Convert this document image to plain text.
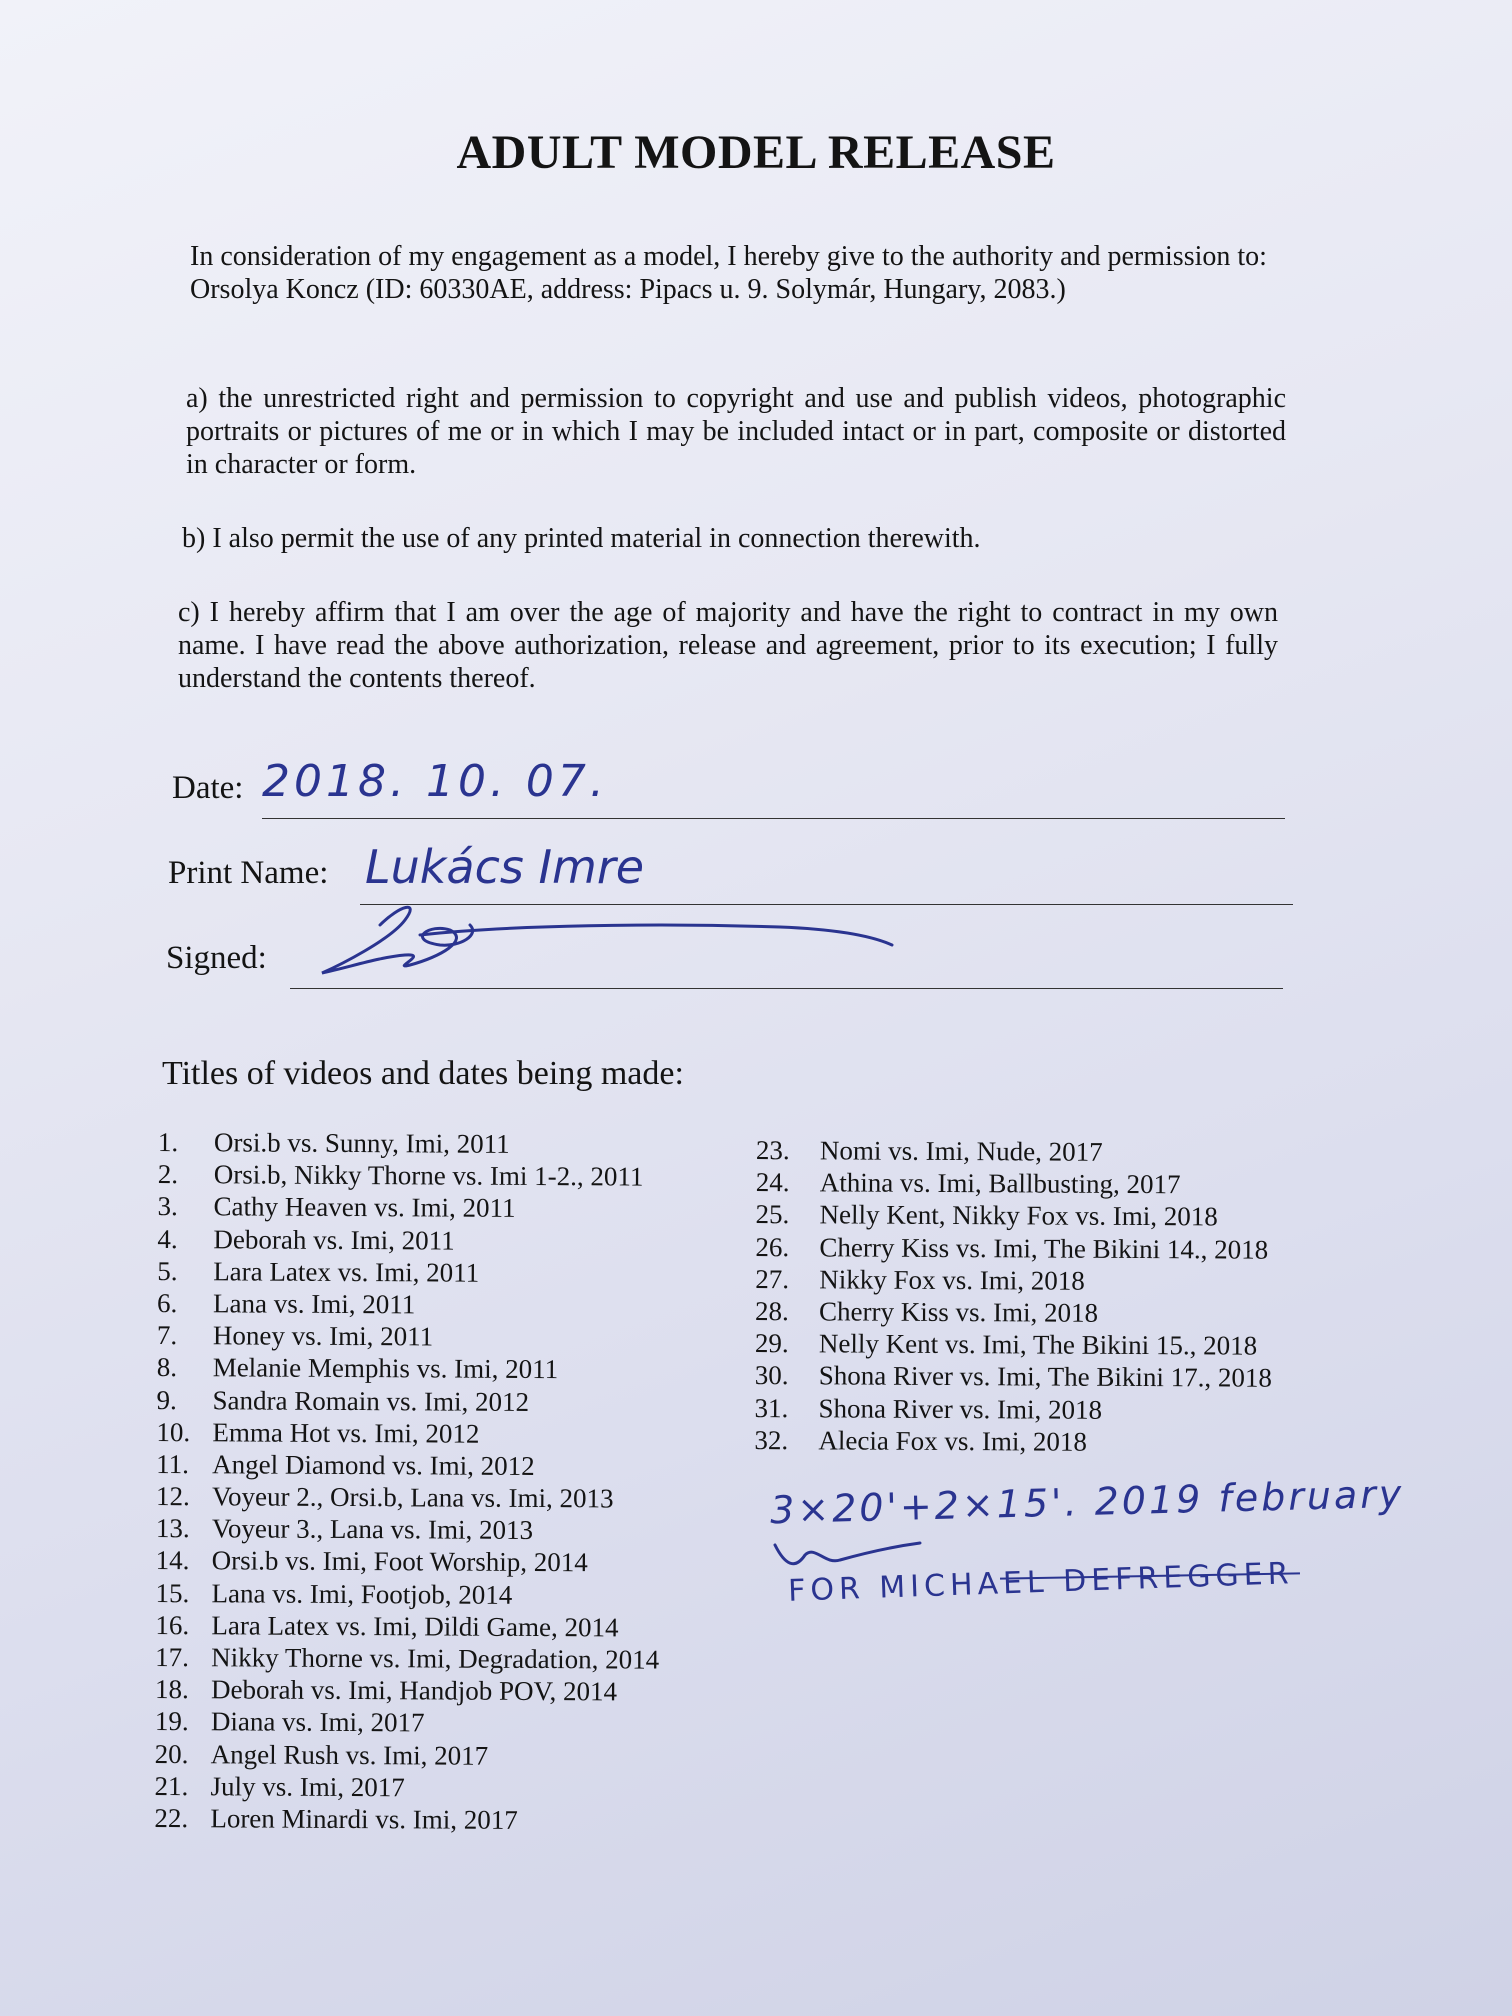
ADULT MODEL RELEASE
In consideration of my engagement as a model, I hereby give to the authority and permission to:
Orsolya Koncz (ID: 60330AE, address: Pipacs u. 9. Solymár, Hungary, 2083.)
a) the unrestricted right and permission to copyright and use and publish videos, photographic portraits or pictures of me or in which I may be included intact or in part, composite or distorted in character or form.
b) I also permit the use of any printed material in connection therewith.
c) I hereby affirm that I am over the age of majority and have the right to contract in my own name. I have read the above authorization, release and agreement, prior to its execution; I fully understand the contents thereof.
Date: 2018. 10. 07.
Print Name: Lukács Imre
Signed:
Titles of videos and dates being made:
1. Orsi.b vs. Sunny, Imi, 2011
2. Orsi.b, Nikky Thorne vs. Imi 1-2., 2011
3. Cathy Heaven vs. Imi, 2011
4. Deborah vs. Imi, 2011
5. Lara Latex vs. Imi, 2011
6. Lana vs. Imi, 2011
7. Honey vs. Imi, 2011
8. Melanie Memphis vs. Imi, 2011
9. Sandra Romain vs. Imi, 2012
10. Emma Hot vs. Imi, 2012
11. Angel Diamond vs. Imi, 2012
12. Voyeur 2., Orsi.b, Lana vs. Imi, 2013
13. Voyeur 3., Lana vs. Imi, 2013
14. Orsi.b vs. Imi, Foot Worship, 2014
15. Lana vs. Imi, Footjob, 2014
16. Lara Latex vs. Imi, Dildi Game, 2014
17. Nikky Thorne vs. Imi, Degradation, 2014
18. Deborah vs. Imi, Handjob POV, 2014
19. Diana vs. Imi, 2017
20. Angel Rush vs. Imi, 2017
21. July vs. Imi, 2017
22. Loren Minardi vs. Imi, 2017
23. Nomi vs. Imi, Nude, 2017
24. Athina vs. Imi, Ballbusting, 2017
25. Nelly Kent, Nikky Fox vs. Imi, 2018
26. Cherry Kiss vs. Imi, The Bikini 14., 2018
27. Nikky Fox vs. Imi, 2018
28. Cherry Kiss vs. Imi, 2018
29. Nelly Kent vs. Imi, The Bikini 15., 2018
30. Shona River vs. Imi, The Bikini 17., 2018
31. Shona River vs. Imi, 2018
32. Alecia Fox vs. Imi, 2018
3×20'+2×15'. 2019 february
FOR MICHAEL DEFREGGER
